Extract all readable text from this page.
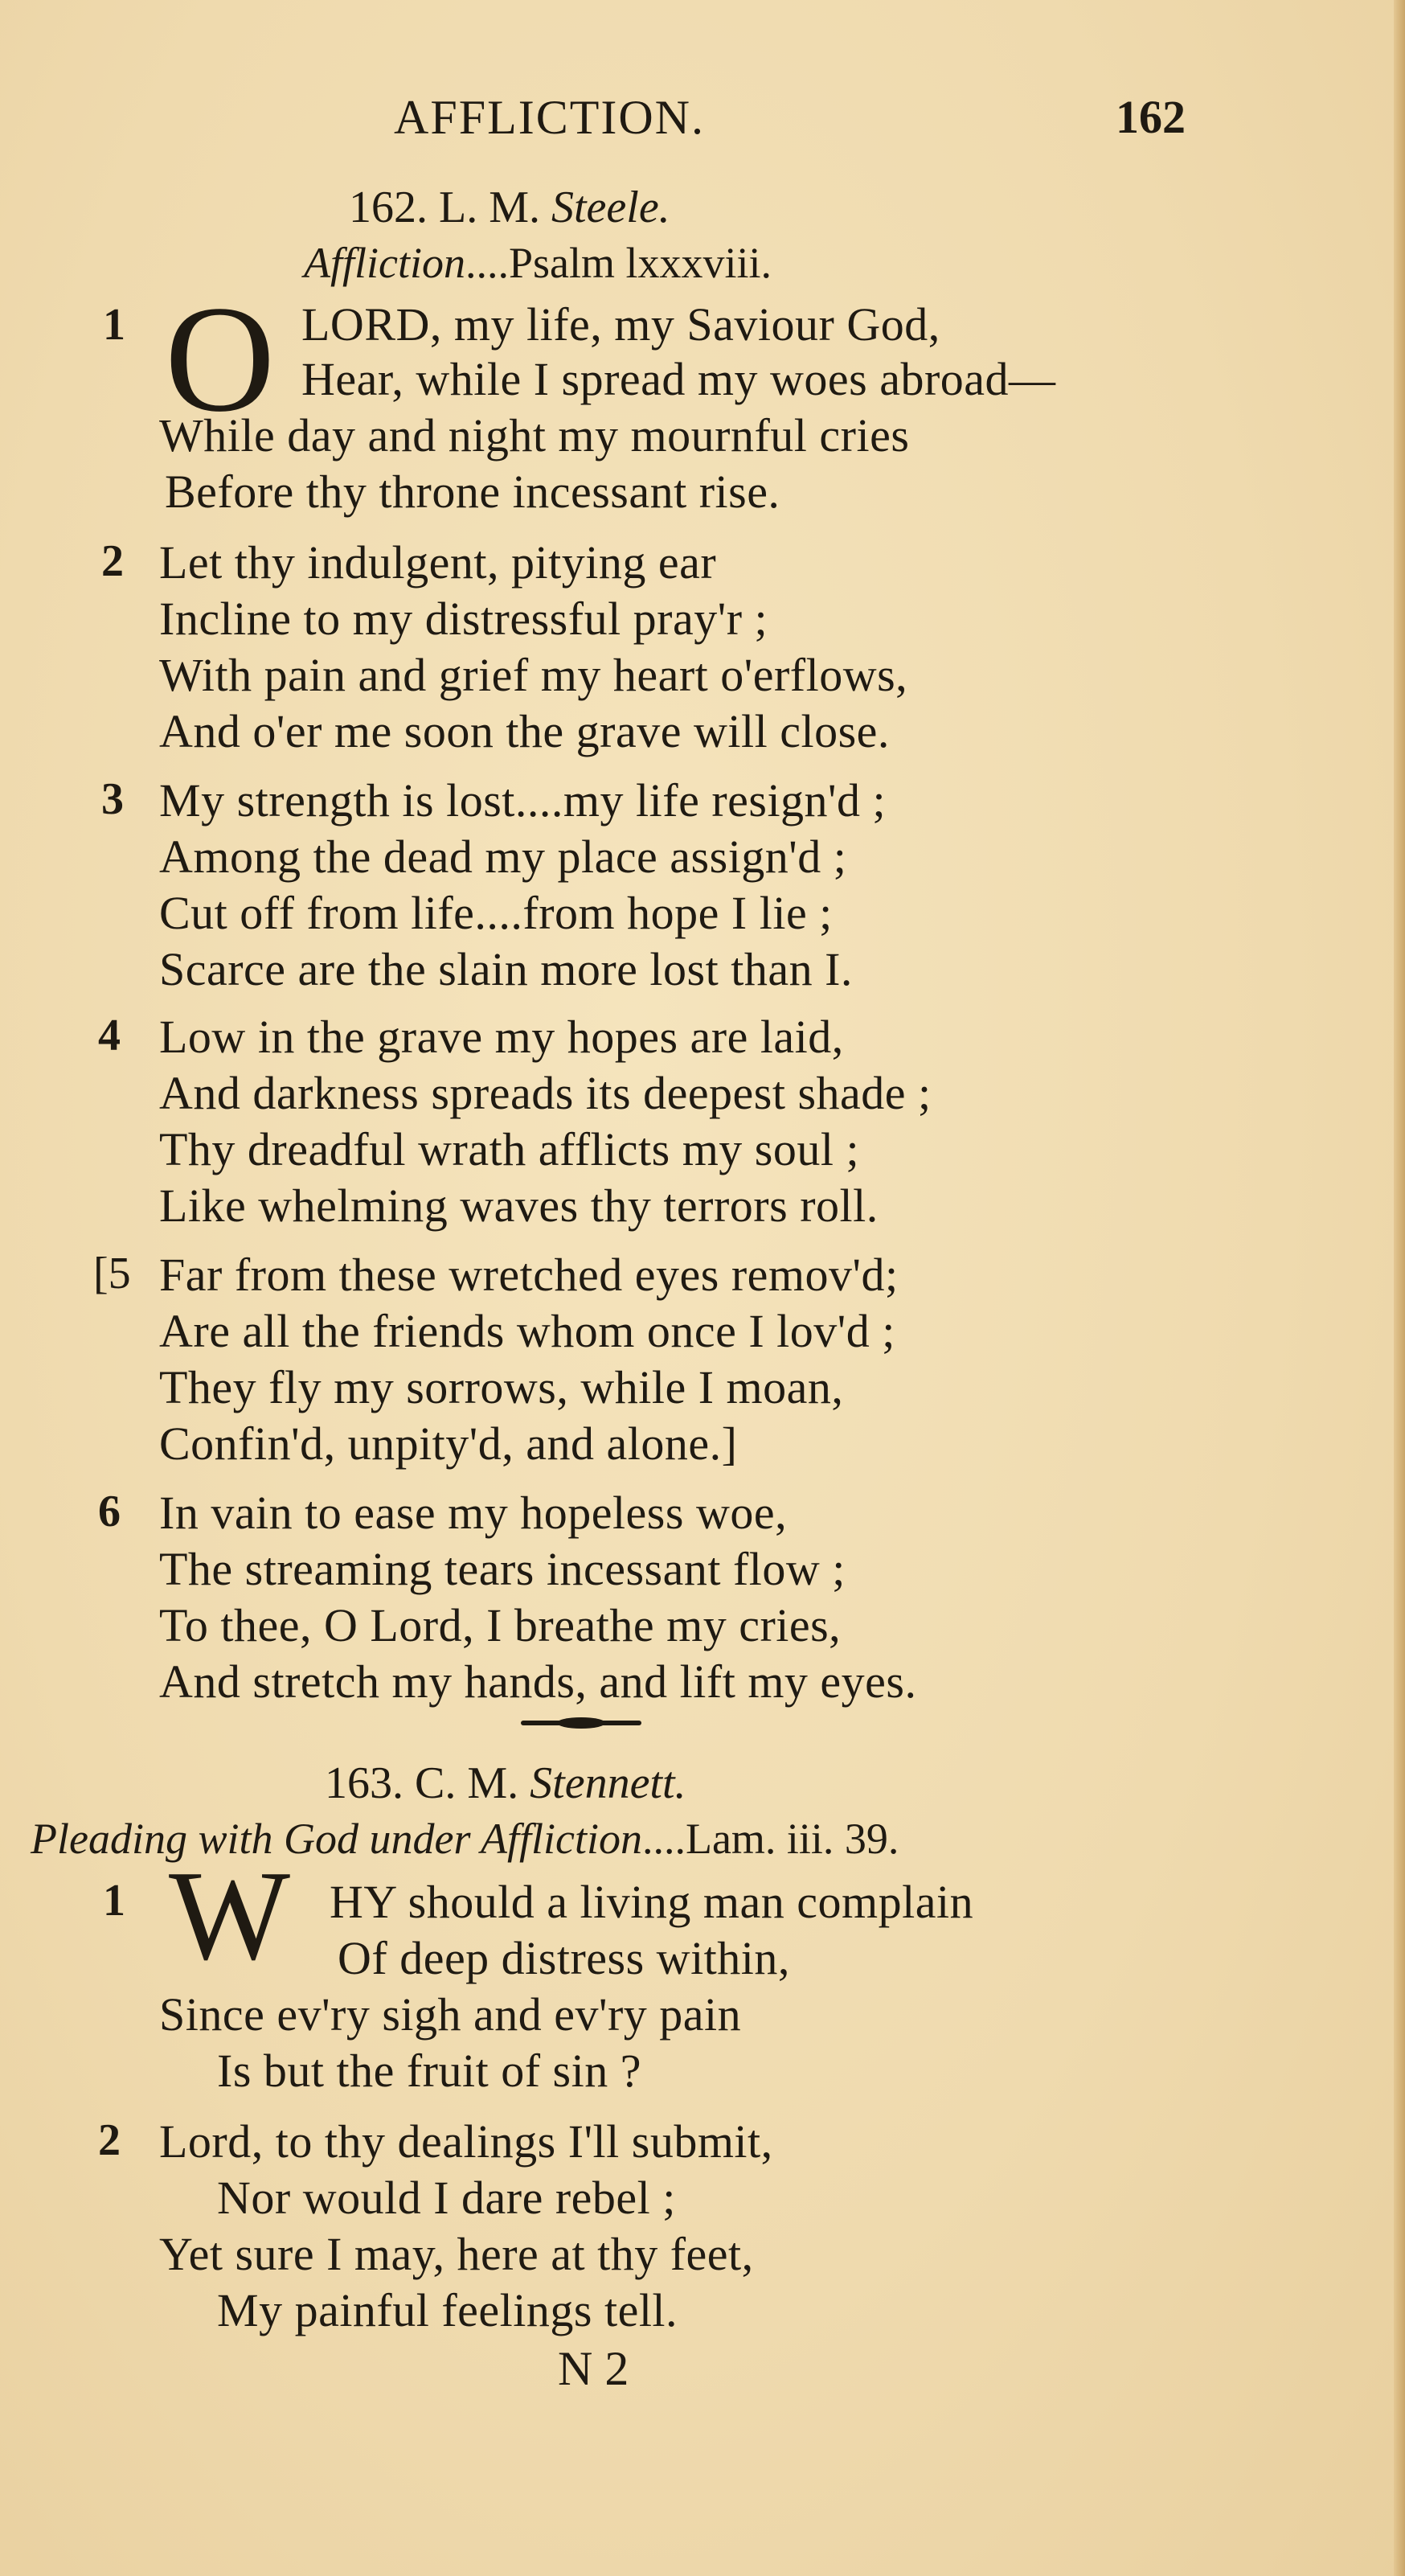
AFFLICTION.	162
162. L. M. Steele.
Affliction....Psalm lxxxviii.
1 O LORD, my life, my Saviour God,
Hear, while I spread my woes abroad—
While day and night my mournful cries
Before thy throne incessant rise.
2 Let thy indulgent, pitying ear
Incline to my distressful pray'r ;
With pain and grief my heart o'erflows,
And o'er me soon the grave will close.
3 My strength is lost....my life resign'd ;
Among the dead my place assign'd ;
Cut off from life....from hope I lie ;
Scarce are the slain more lost than I.
4 Low in the grave my hopes are laid,
And darkness spreads its deepest shade ;
Thy dreadful wrath afflicts my soul ;
Like whelming waves thy terrors roll.
[5 Far from these wretched eyes remov'd;
Are all the friends whom once I lov'd ;
They fly my sorrows, while I moan,
Confin'd, unpity'd, and alone.]
6 In vain to ease my hopeless woe,
The streaming tears incessant flow ;
To thee, O Lord, I breathe my cries,
And stretch my hands, and lift my eyes.
163. C. M. Stennett.
Pleading with God under Affliction....Lam. iii. 39.
1 W HY should a living man complain
Of deep distress within,
Since ev'ry sigh and ev'ry pain
Is but the fruit of sin ?
2 Lord, to thy dealings I'll submit,
Nor would I dare rebel ;
Yet sure I may, here at thy feet,
My painful feelings tell.
N 2
